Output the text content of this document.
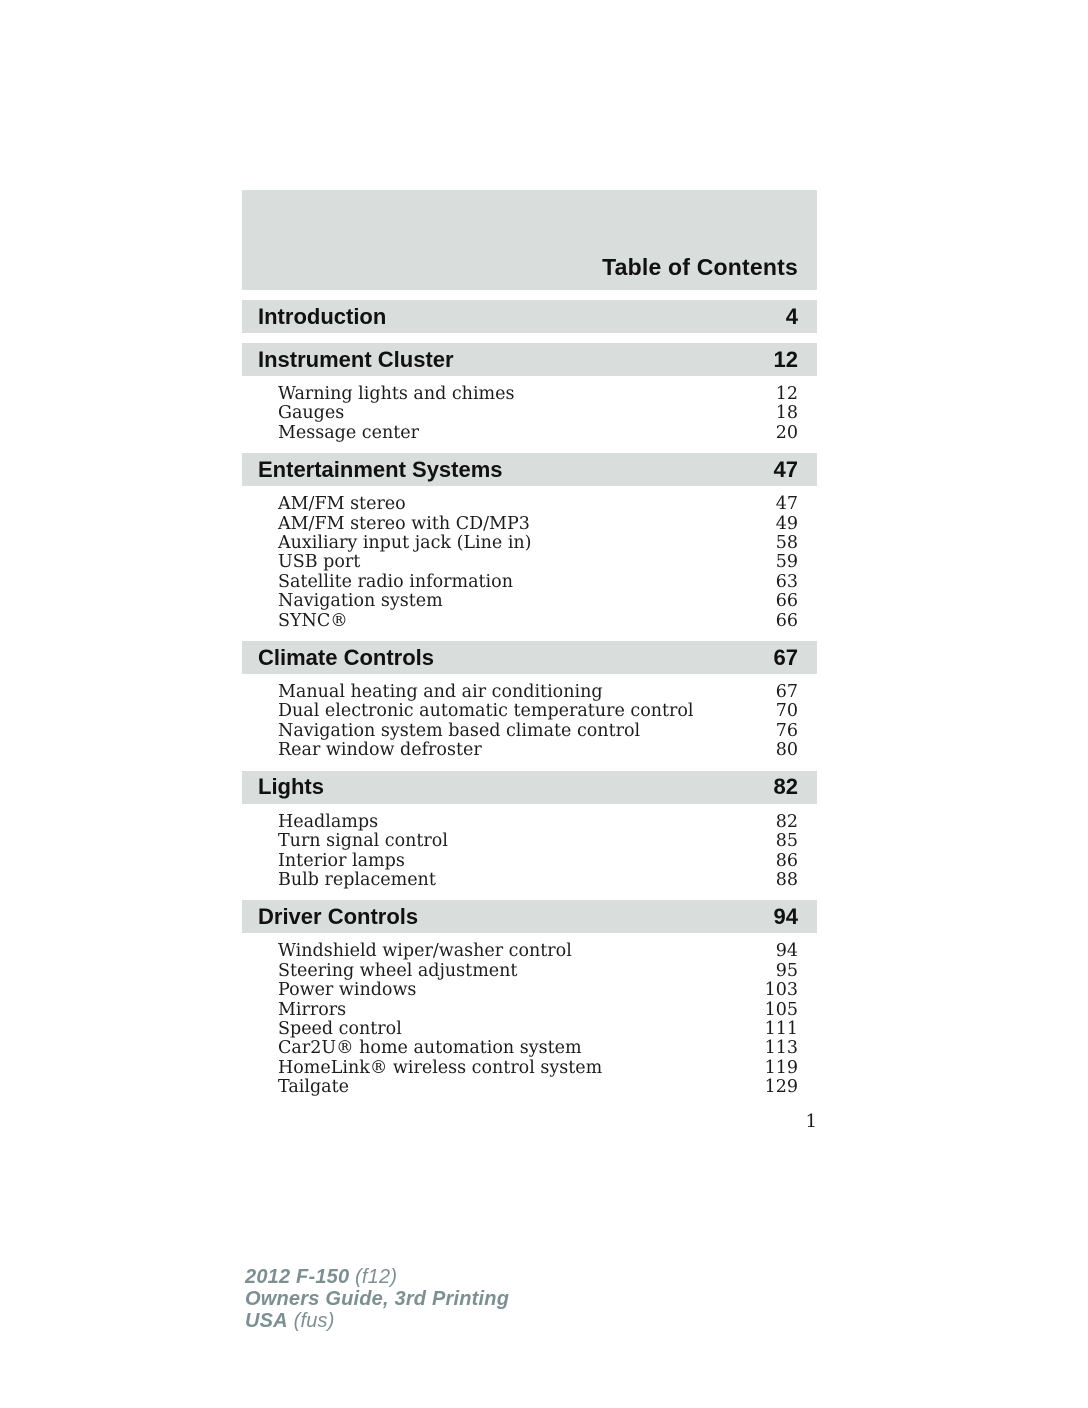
Table of Contents
Introduction	4
Instrument Cluster	12
Warning lights and chimes	12
Gauges	18
Message center	20
Entertainment Systems	47
AM/FM stereo	47
AM/FM stereo with CD/MP3	49
Auxiliary input jack (Line in)	58
USB port	59
Satellite radio information	63
Navigation system	66
SYNC®	66
Climate Controls	67
Manual heating and air conditioning	67
Dual electronic automatic temperature control	70
Navigation system based climate control	76
Rear window defroster	80
Lights	82
Headlamps	82
Turn signal control	85
Interior lamps	86
Bulb replacement	88
Driver Controls	94
Windshield wiper/washer control	94
Steering wheel adjustment	95
Power windows	103
Mirrors	105
Speed control	111
Car2U® home automation system	113
HomeLink® wireless control system	119
Tailgate	129
1
2012 F-150 (f12)
Owners Guide, 3rd Printing
USA (fus)
